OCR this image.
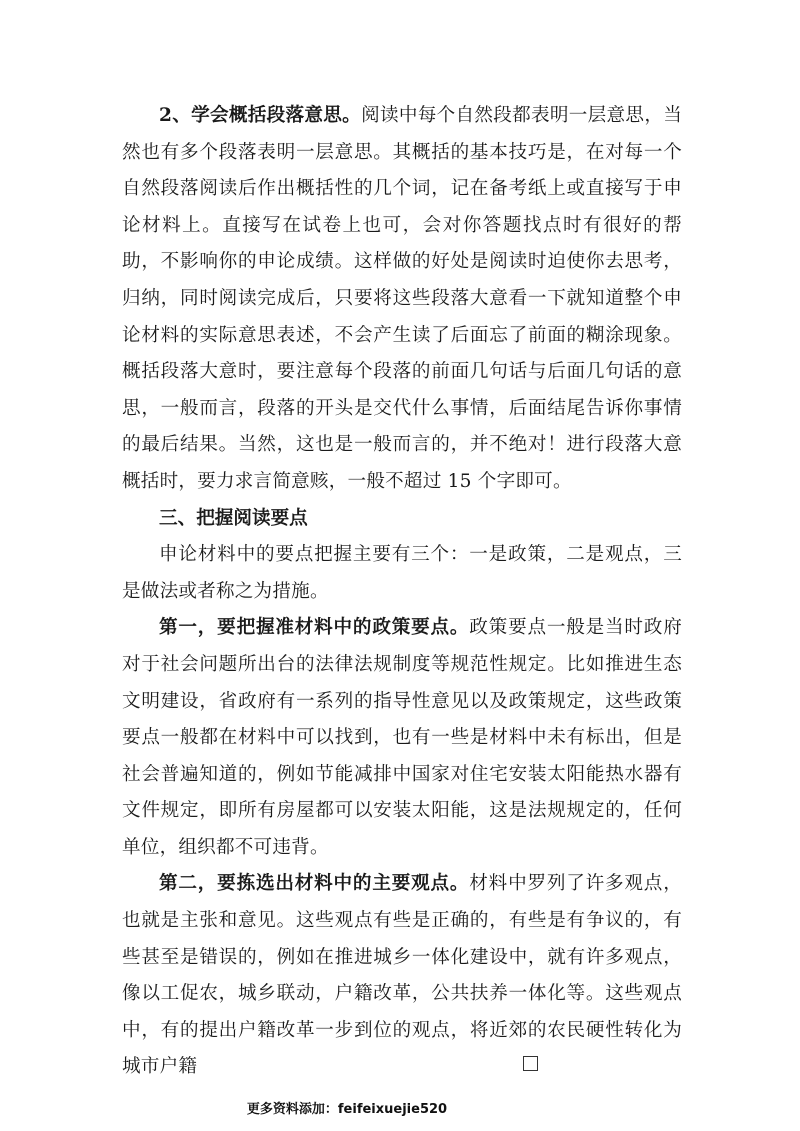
2、学会概括段落意思。阅读中每个自然段都表明一层意思，当然也有多个段落表明一层意思。其概括的基本技巧是，在对每一个自然段落阅读后作出概括性的几个词，记在备考纸上或直接写于申论材料上。直接写在试卷上也可，会对你答题找点时有很好的帮助，不影响你的申论成绩。这样做的好处是阅读时迫使你去思考，归纳，同时阅读完成后，只要将这些段落大意看一下就知道整个申论材料的实际意思表述，不会产生读了后面忘了前面的糊涂现象。概括段落大意时，要注意每个段落的前面几句话与后面几句话的意思，一般而言，段落的开头是交代什么事情，后面结尾告诉你事情的最后结果。当然，这也是一般而言的，并不绝对！进行段落大意概括时，要力求言简意赅，一般不超过 15 个字即可。

三、把握阅读要点

申论材料中的要点把握主要有三个：一是政策，二是观点，三是做法或者称之为措施。

第一，要把握准材料中的政策要点。政策要点一般是当时政府对于社会问题所出台的法律法规制度等规范性规定。比如推进生态文明建设，省政府有一系列的指导性意见以及政策规定，这些政策要点一般都在材料中可以找到，也有一些是材料中未有标出，但是社会普遍知道的，例如节能减排中国家对住宅安装太阳能热水器有文件规定，即所有房屋都可以安装太阳能，这是法规规定的，任何单位，组织都不可违背。

第二，要拣选出材料中的主要观点。材料中罗列了许多观点，也就是主张和意见。这些观点有些是正确的，有些是有争议的，有些甚至是错误的，例如在推进城乡一体化建设中，就有许多观点，像以工促农，城乡联动，户籍改革，公共扶养一体化等。这些观点中，有的提出户籍改革一步到位的观点，将近郊的农民硬性转化为城市户籍

更多资料添加：feifeixuejie520
